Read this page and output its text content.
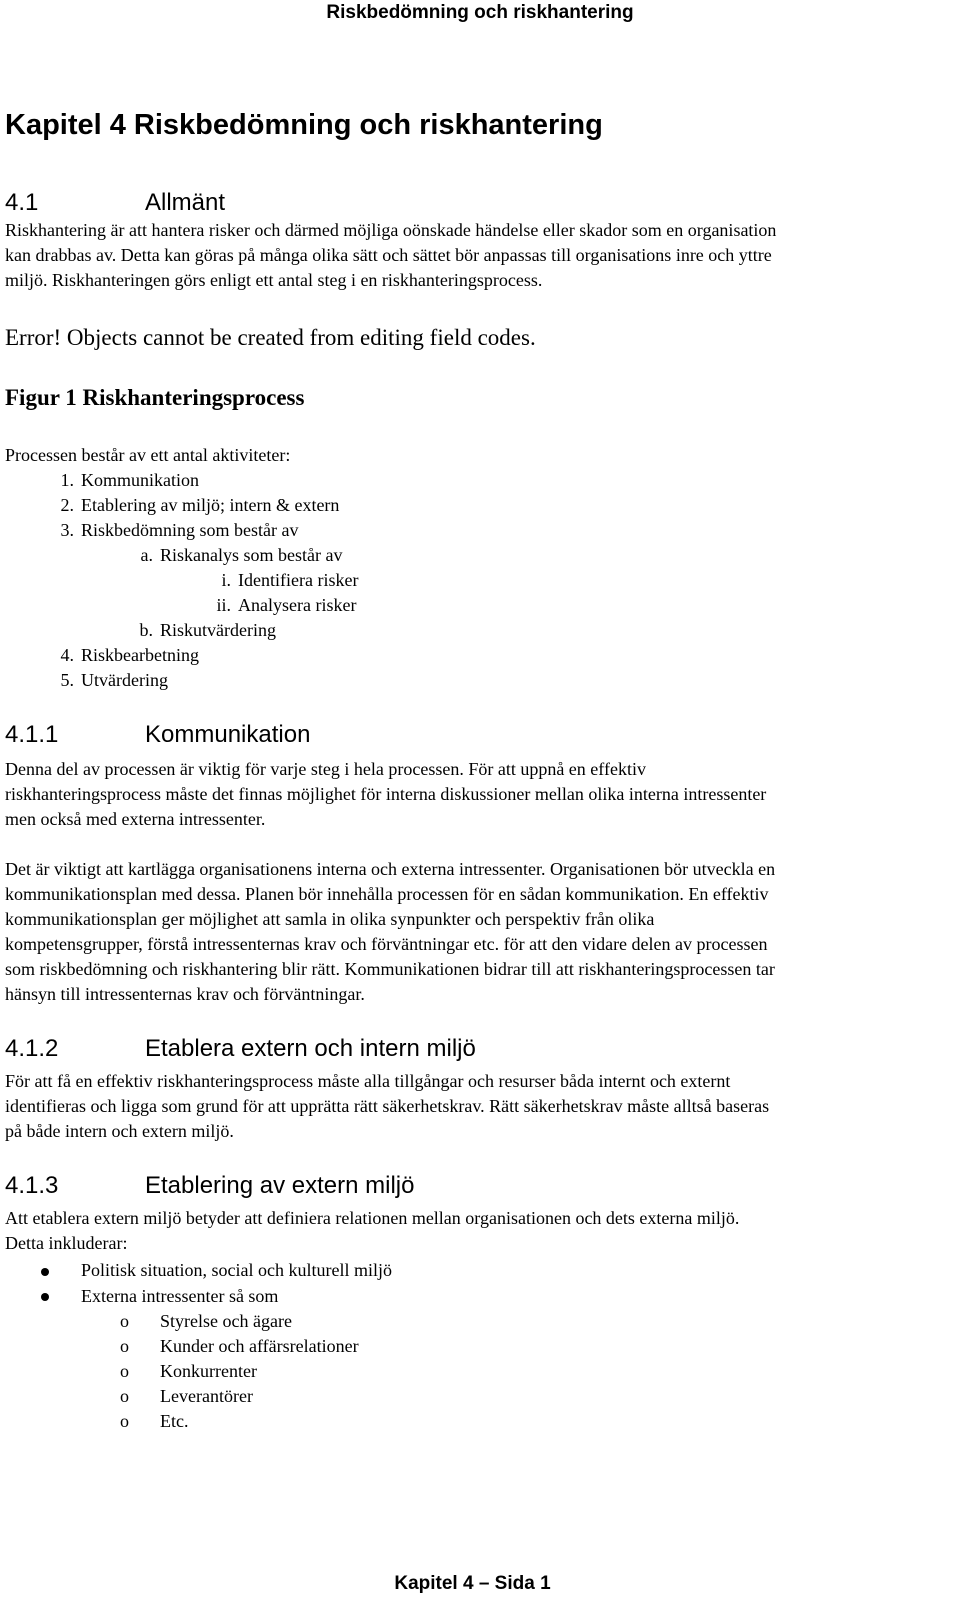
Riskbedömning och riskhantering
Kapitel 4 Riskbedömning och riskhantering
4.1	Allmänt
Riskhantering är att hantera risker och därmed möjliga oönskade händelse eller skador som en organisation
kan drabbas av. Detta kan göras på många olika sätt och sättet bör anpassas till organisations inre och yttre
miljö. Riskhanteringen görs enligt ett antal steg i en riskhanteringsprocess.
Error! Objects cannot be created from editing field codes.
Figur 1 Riskhanteringsprocess
Processen består av ett antal aktiviteter:
1. Kommunikation
2. Etablering av miljö; intern & extern
3. Riskbedömning som består av
a. Riskanalys som består av
i. Identifiera risker
ii. Analysera risker
b. Riskutvärdering
4. Riskbearbetning
5. Utvärdering
4.1.1	Kommunikation
Denna del av processen är viktig för varje steg i hela processen. För att uppnå en effektiv
riskhanteringsprocess måste det finnas möjlighet för interna diskussioner mellan olika interna intressenter
men också med externa intressenter.
Det är viktigt att kartlägga organisationens interna och externa intressenter. Organisationen bör utveckla en
kommunikationsplan med dessa. Planen bör innehålla processen för en sådan kommunikation. En effektiv
kommunikationsplan ger möjlighet att samla in olika synpunkter och perspektiv från olika
kompetensgrupper, förstå intressenternas krav och förväntningar etc. för att den vidare delen av processen
som riskbedömning och riskhantering blir rätt. Kommunikationen bidrar till att riskhanteringsprocessen tar
hänsyn till intressenternas krav och förväntningar.
4.1.2	Etablera extern och intern miljö
För att få en effektiv riskhanteringsprocess måste alla tillgångar och resurser båda internt och externt
identifieras och ligga som grund för att upprätta rätt säkerhetskrav. Rätt säkerhetskrav måste alltså baseras
på både intern och extern miljö.
4.1.3	Etablering av extern miljö
Att etablera extern miljö betyder att definiera relationen mellan organisationen och dets externa miljö.
Detta inkluderar:
Politisk situation, social och kulturell miljö
Externa intressenter så som
o Styrelse och ägare
o Kunder och affärsrelationer
o Konkurrenter
o Leverantörer
o Etc.
Kapitel 4 – Sida 1
